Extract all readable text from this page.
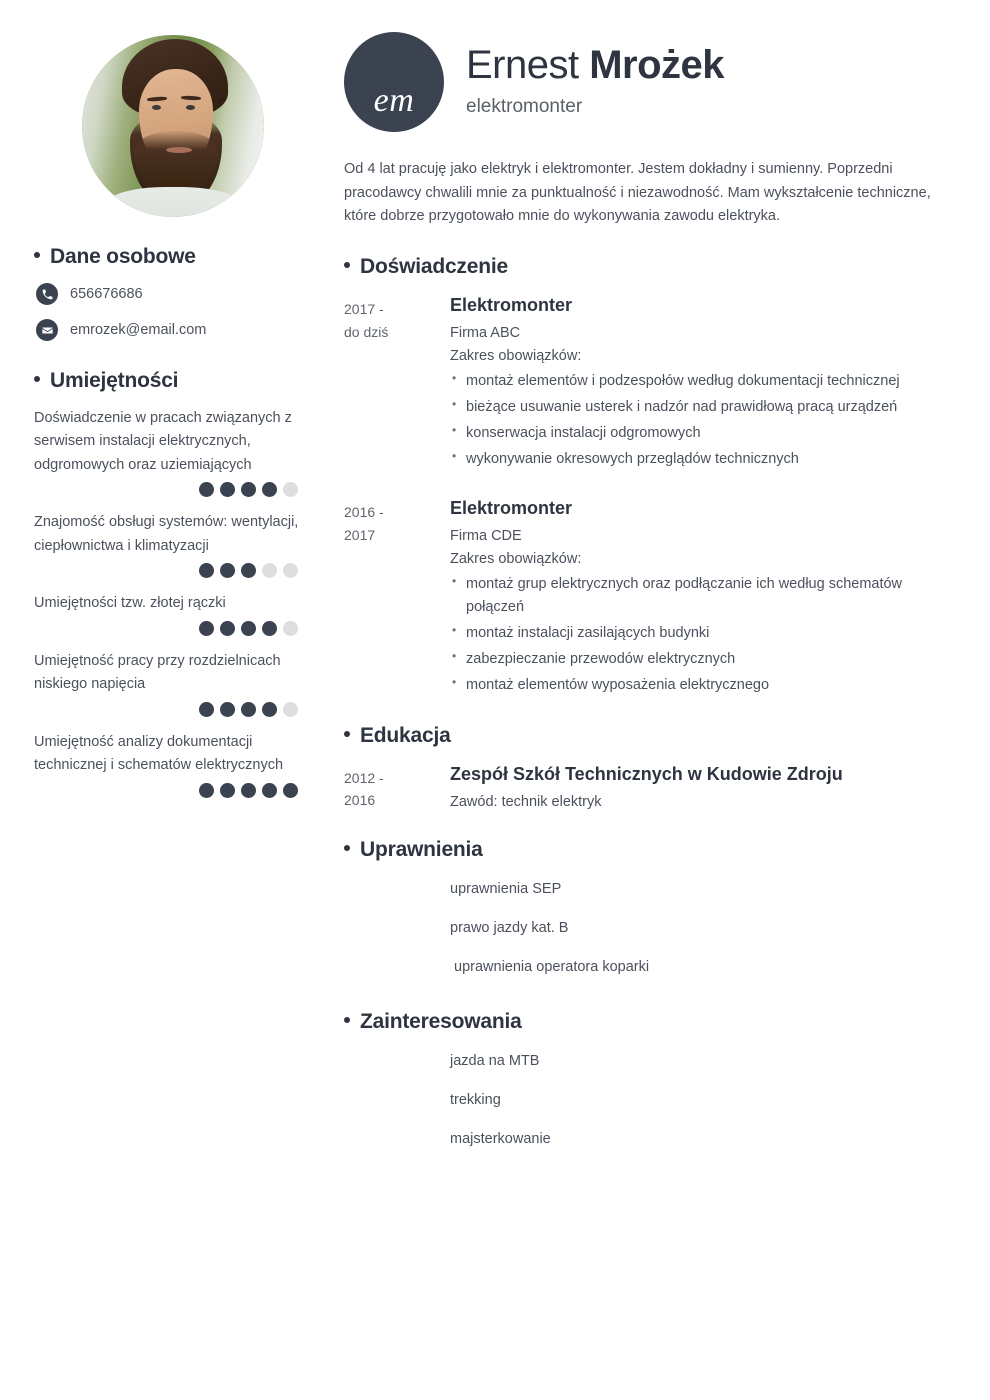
Dane osobowe
656676686
emrozek@email.com
Umiejętności
Doświadczenie w pracach związanych z serwisem instalacji elektrycznych, odgromowych oraz uziemiających
Znajomość obsługi systemów: wentylacji, ciepłownictwa i klimatyzacji
Umiejętności tzw. złotej rączki
Umiejętność pracy przy rozdzielnicach niskiego napięcia
Umiejętność analizy dokumentacji technicznej i schematów elektrycznych
em
Ernest Mrożek
elektromonter
Od 4 lat pracuję jako elektryk i elektromonter. Jestem dokładny i sumienny. Poprzedni pracodawcy chwalili mnie za punktualność i niezawodność. Mam wykształcenie techniczne, które dobrze przygotowało mnie do wykonywania zawodu elektryka.
Doświadczenie
2017 -
do dziś
Elektromonter
Firma ABC
Zakres obowiązków:
• montaż elementów i podzespołów według dokumentacji technicznej
• bieżące usuwanie usterek i nadzór nad prawidłową pracą urządzeń
• konserwacja instalacji odgromowych
• wykonywanie okresowych przeglądów technicznych
2016 -
2017
Elektromonter
Firma CDE
Zakres obowiązków:
• montaż grup elektrycznych oraz podłączanie ich według schematów połączeń
• montaż instalacji zasilających budynki
• zabezpieczanie przewodów elektrycznych
• montaż elementów wyposażenia elektrycznego
Edukacja
2012 -
2016
Zespół Szkół Technicznych w Kudowie Zdroju
Zawód: technik elektryk
Uprawnienia
uprawnienia SEP
prawo jazdy kat. B
uprawnienia operatora koparki
Zainteresowania
jazda na MTB
trekking
majsterkowanie
